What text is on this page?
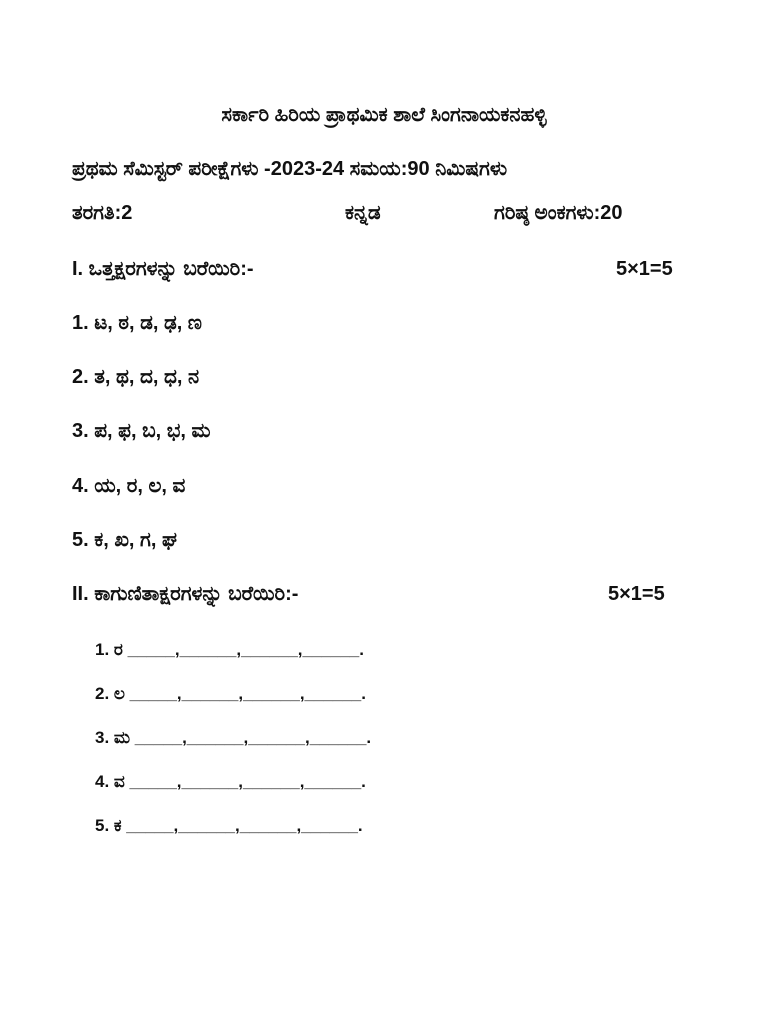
ಸರ್ಕಾರಿ ಹಿರಿಯ ಪ್ರಾಥಮಿಕ ಶಾಲೆ ಸಿಂಗನಾಯಕನಹಳ್ಳಿ
ಪ್ರಥಮ ಸೆಮಿಸ್ಟರ್ ಪರೀಕ್ಷೆಗಳು -2023-24 ಸಮಯ:90 ನಿಮಿಷಗಳು
ತರಗತಿ:2	ಕನ್ನಡ	ಗರಿಷ್ಠ ಅಂಕಗಳು:20
I. ಒತ್ತಕ್ಷರಗಳನ್ನು ಬರೆಯಿರಿ:-	5×1=5
1. ಟ, ಠ, ಡ, ಢ, ಣ
2. ತ, ಥ, ದ, ಧ, ನ
3. ಪ, ಫ, ಬ, ಭ, ಮ
4. ಯ, ರ, ಲ, ವ
5. ಕ, ಖ, ಗ, ಘ
II. ಕಾಗುಣಿತಾಕ್ಷರಗಳನ್ನು ಬರೆಯಿರಿ:-	5×1=5
1. ರ _____,______,______,______.
2. ಲ _____,______,______,______.
3. ಮ _____,______,______,______.
4. ವ _____,______,______,______.
5. ಕ _____,______,______,______.
